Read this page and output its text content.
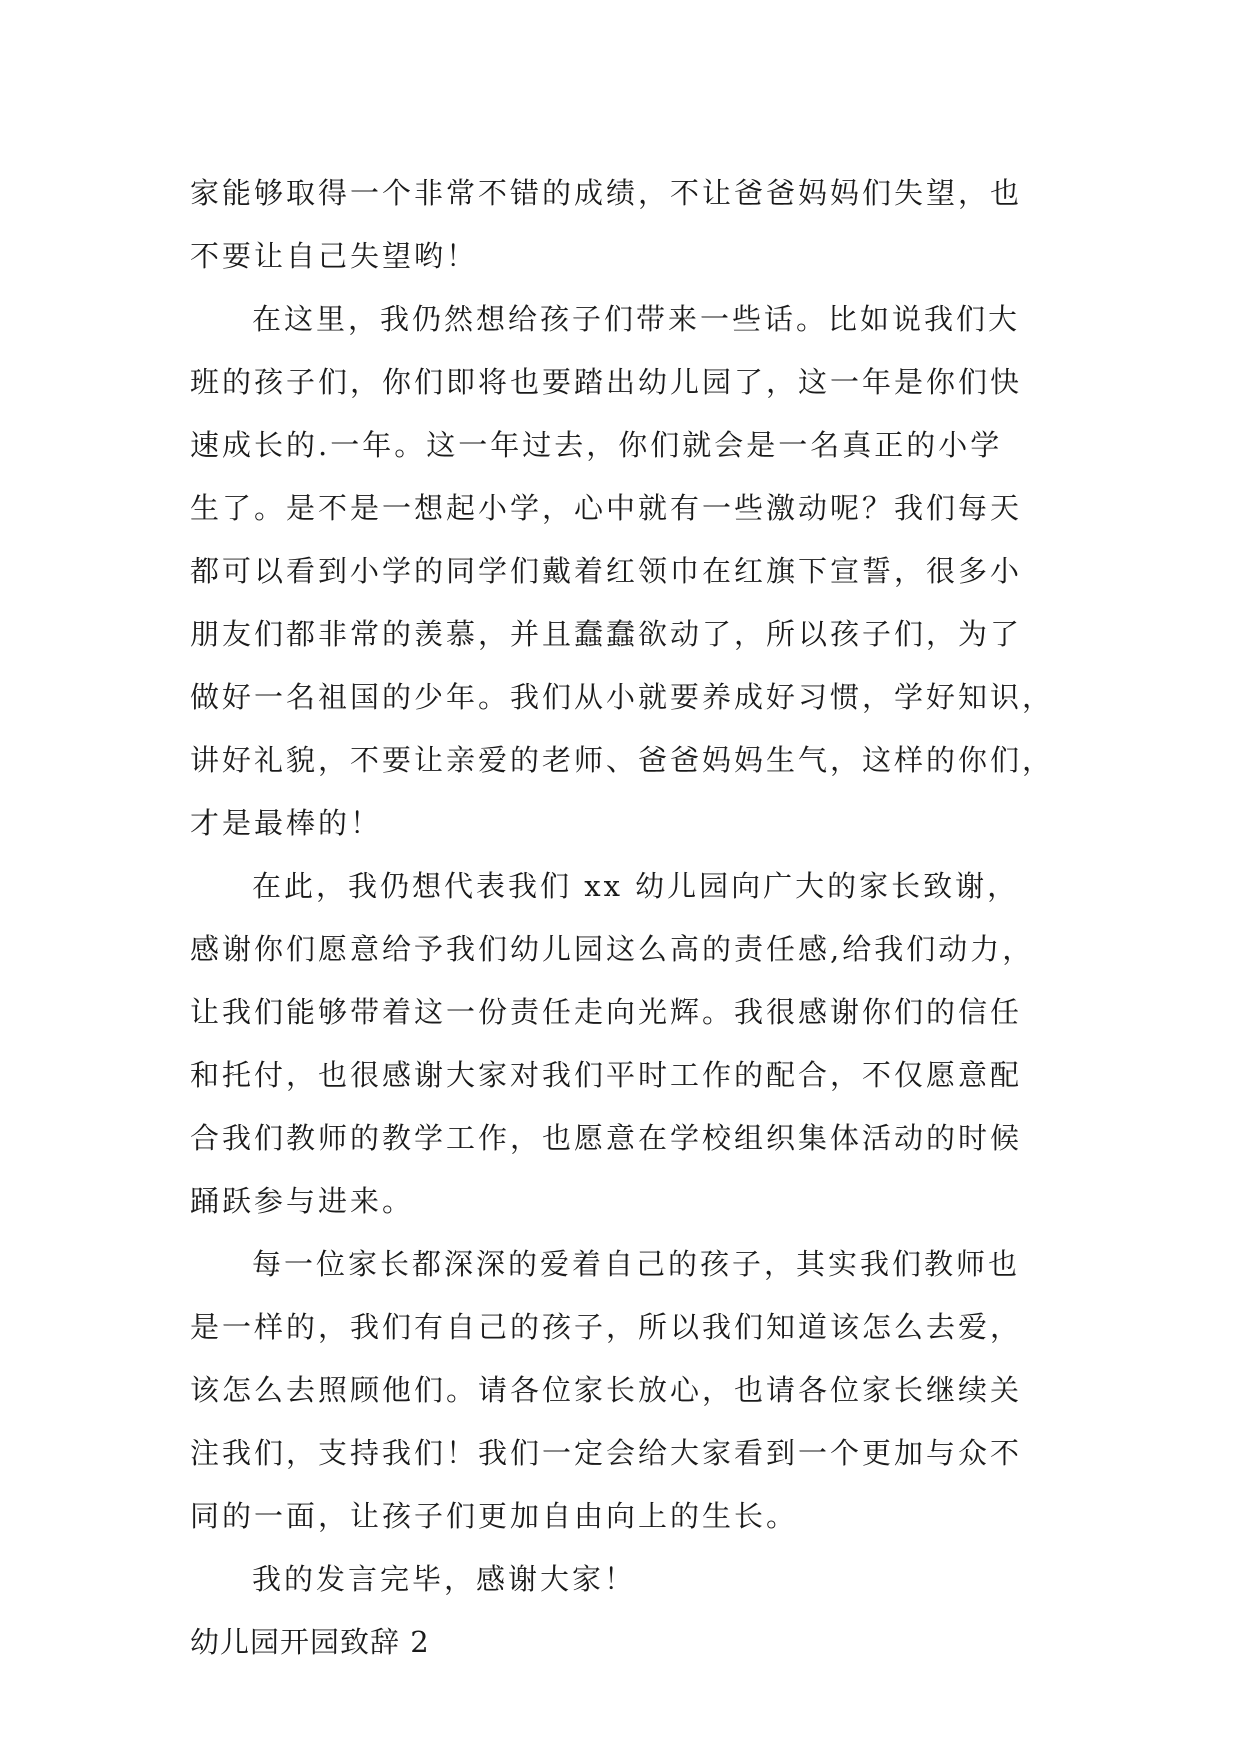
家能够取得一个非常不错的成绩，不让爸爸妈妈们失望，也
不要让自己失望哟！
在这里，我仍然想给孩子们带来一些话。比如说我们大
班的孩子们，你们即将也要踏出幼儿园了，这一年是你们快
速成长的.一年。这一年过去，你们就会是一名真正的小学
生了。是不是一想起小学，心中就有一些激动呢？我们每天
都可以看到小学的同学们戴着红领巾在红旗下宣誓，很多小
朋友们都非常的羡慕，并且蠢蠢欲动了，所以孩子们，为了
做好一名祖国的少年。我们从小就要养成好习惯，学好知识，
讲好礼貌，不要让亲爱的老师、爸爸妈妈生气，这样的你们，
才是最棒的！
在此，我仍想代表我们 xx 幼儿园向广大的家长致谢，
感谢你们愿意给予我们幼儿园这么高的责任感,给我们动力，
让我们能够带着这一份责任走向光辉。我很感谢你们的信任
和托付，也很感谢大家对我们平时工作的配合，不仅愿意配
合我们教师的教学工作，也愿意在学校组织集体活动的时候
踊跃参与进来。
每一位家长都深深的爱着自己的孩子，其实我们教师也
是一样的，我们有自己的孩子，所以我们知道该怎么去爱，
该怎么去照顾他们。请各位家长放心，也请各位家长继续关
注我们，支持我们！我们一定会给大家看到一个更加与众不
同的一面，让孩子们更加自由向上的生长。
我的发言完毕，感谢大家！
幼儿园开园致辞 2
